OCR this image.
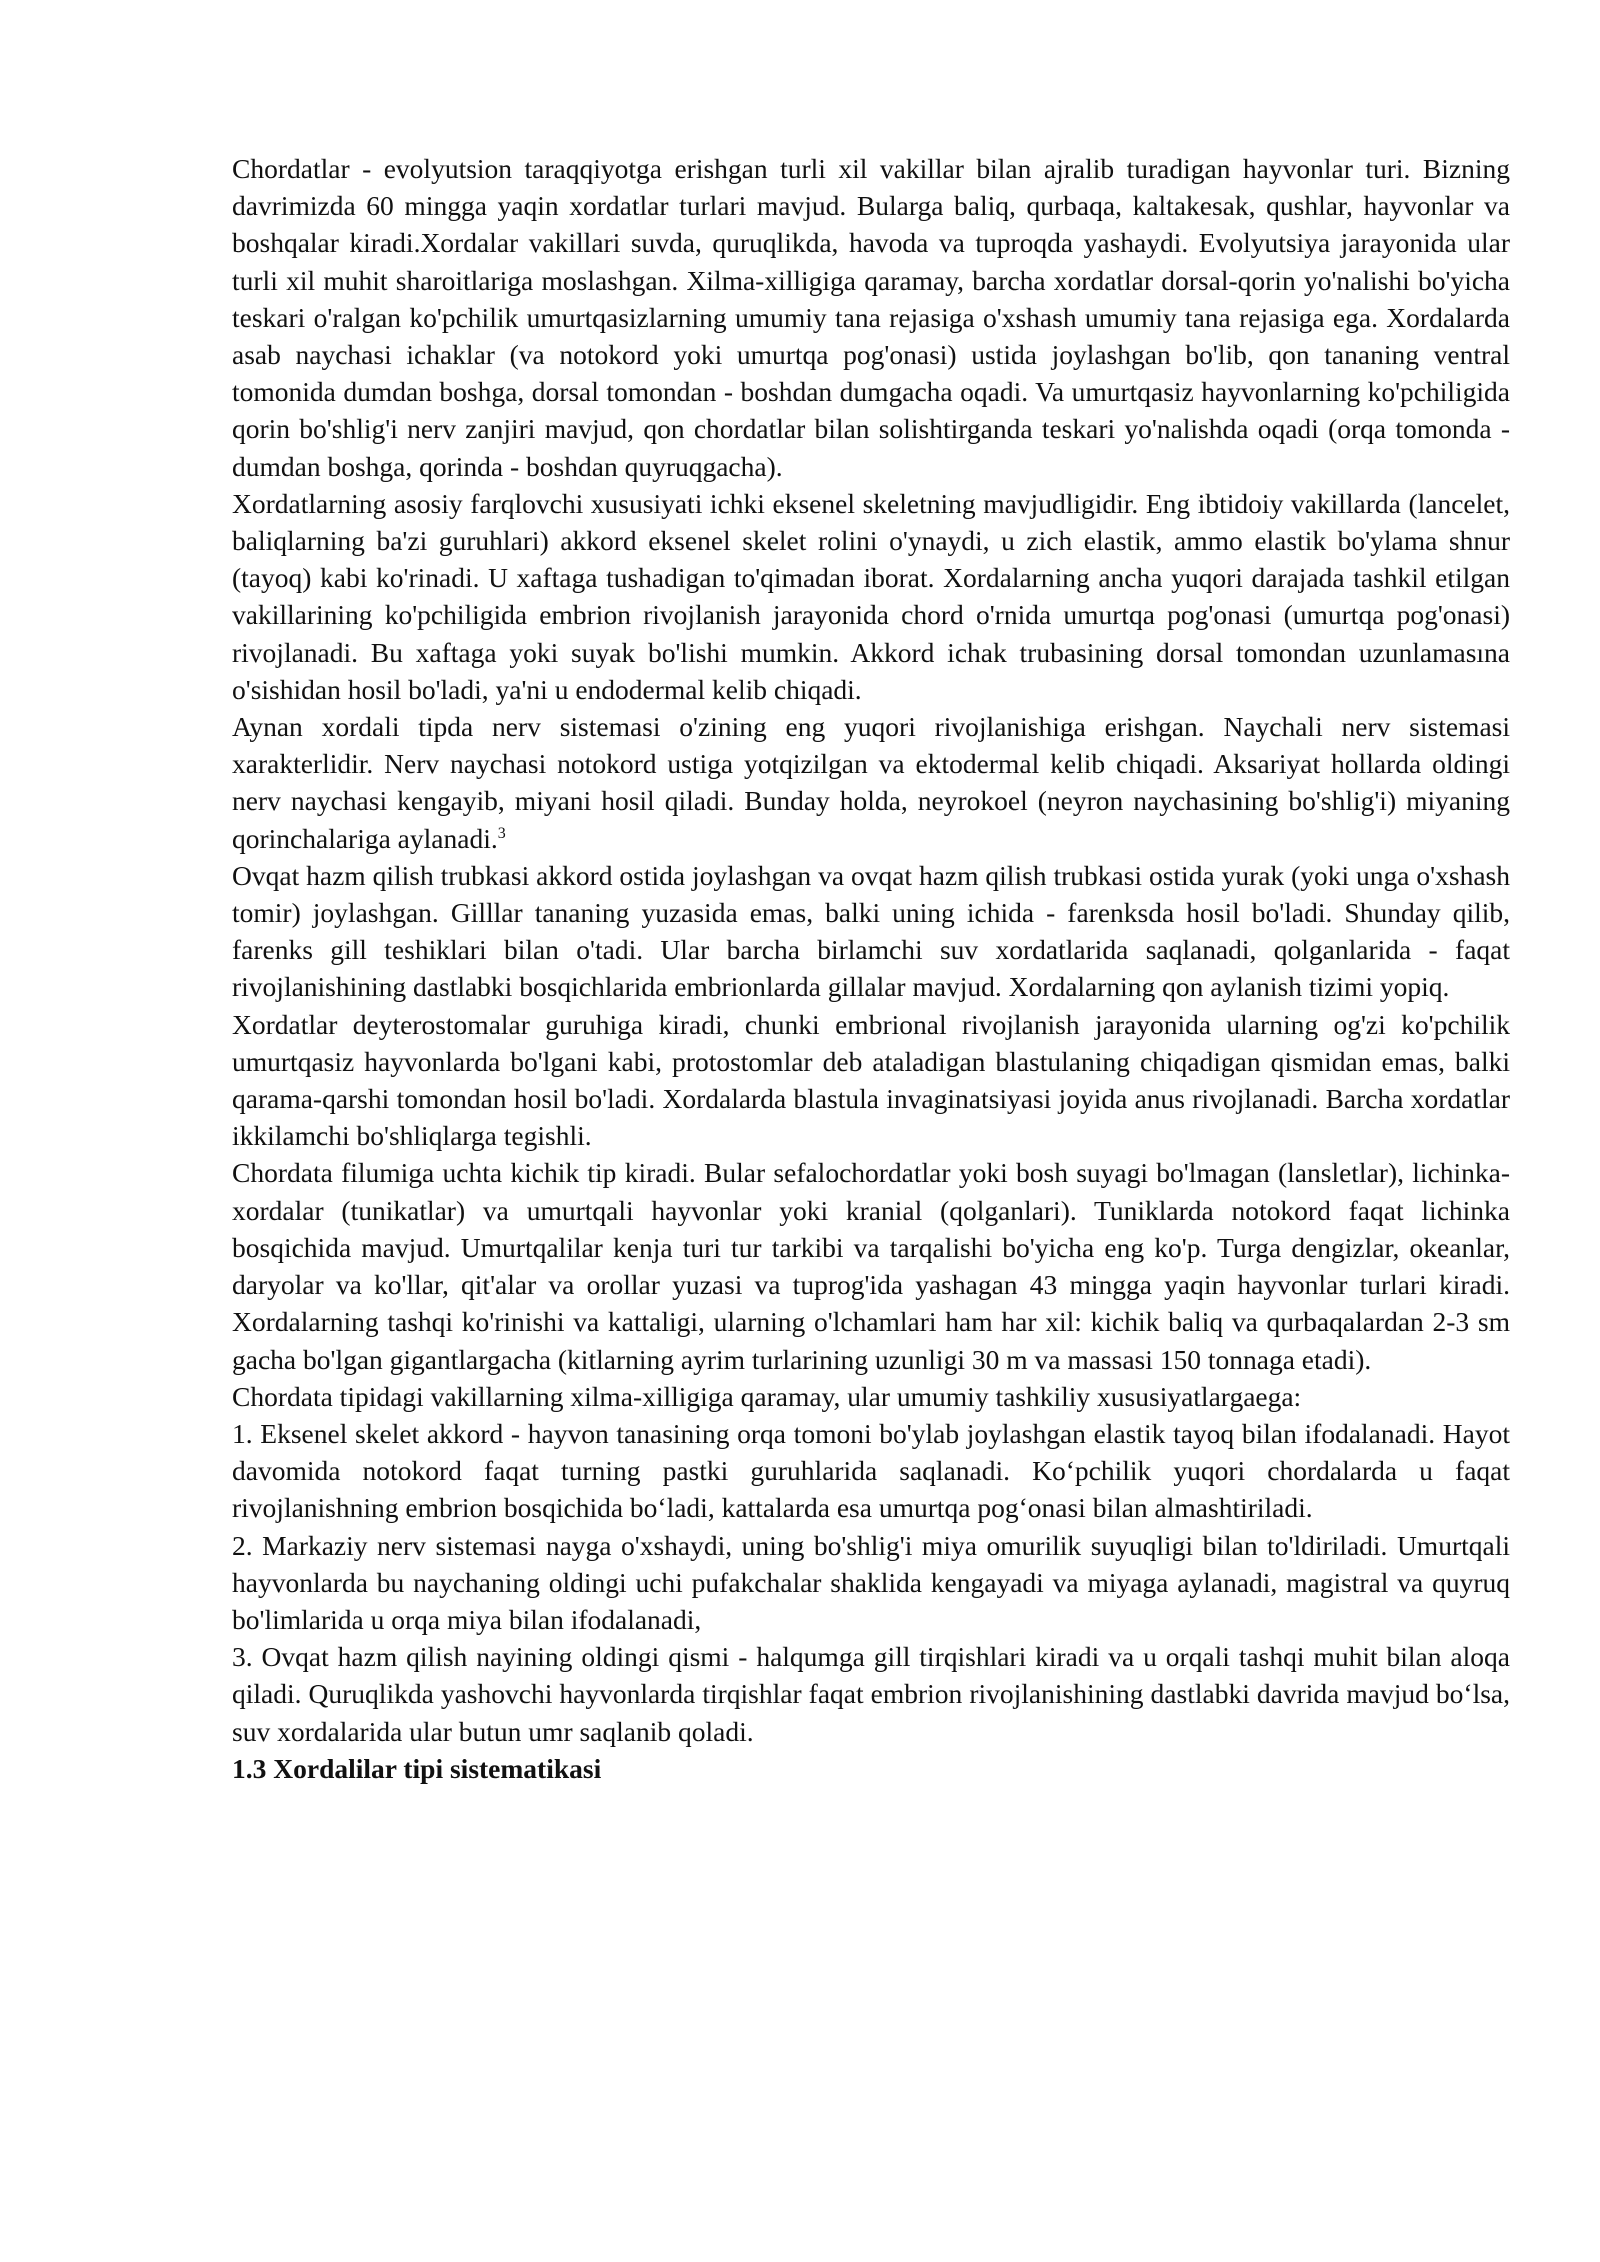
Chordatlar - evolyutsion taraqqiyotga erishgan turli xil vakillar bilan ajralib turadigan hayvonlar turi. Bizning davrimizda 60 mingga yaqin xordatlar turlari mavjud. Bularga baliq, qurbaqa, kaltakesak, qushlar, hayvonlar va boshqalar kiradi.Xordalar vakillari suvda, quruqlikda, havoda va tuproqda yashaydi. Evolyutsiya jarayonida ular turli xil muhit sharoitlariga moslashgan. Xilma-xilligiga qaramay, barcha xordatlar dorsal-qorin yo'nalishi bo'yicha teskari o'ralgan ko'pchilik umurtqasizlarning umumiy tana rejasiga o'xshash umumiy tana rejasiga ega. Xordalarda asab naychasi ichaklar (va notokord yoki umurtqa pog'onasi) ustida joylashgan bo'lib, qon tananing ventral tomonida dumdan boshga, dorsal tomondan - boshdan dumgacha oqadi. Va umurtqasiz hayvonlarning ko'pchiligida qorin bo'shlig'i nerv zanjiri mavjud, qon chordatlar bilan solishtirganda teskari yo'nalishda oqadi (orqa tomonda - dumdan boshga, qorinda - boshdan quyruqgacha).

Xordatlarning asosiy farqlovchi xususiyati ichki eksenel skeletning mavjudligidir. Eng ibtidoiy vakillarda (lancelet, baliqlarning ba'zi guruhlari) akkord eksenel skelet rolini o'ynaydi, u zich elastik, ammo elastik bo'ylama shnur (tayoq) kabi ko'rinadi. U xaftaga tushadigan to'qimadan iborat. Xordalarning ancha yuqori darajada tashkil etilgan vakillarining ko'pchiligida embrion rivojlanish jarayonida chord o'rnida umurtqa pog'onasi (umurtqa pog'onasi) rivojlanadi. Bu xaftaga yoki suyak bo'lishi mumkin. Akkord ichak trubasining dorsal tomondan uzunlamasına o'sishidan hosil bo'ladi, ya'ni u endodermal kelib chiqadi.

Aynan xordali tipda nerv sistemasi o'zining eng yuqori rivojlanishiga erishgan. Naychali nerv sistemasi xarakterlidir. Nerv naychasi notokord ustiga yotqizilgan va ektodermal kelib chiqadi. Aksariyat hollarda oldingi nerv naychasi kengayib, miyani hosil qiladi. Bunday holda, neyrokoel (neyron naychasining bo'shlig'i) miyaning qorinchalariga aylanadi.$^3$

Ovqat hazm qilish trubkasi akkord ostida joylashgan va ovqat hazm qilish trubkasi ostida yurak (yoki unga o'xshash tomir) joylashgan. Gilllar tananing yuzasida emas, balki uning ichida - farenksda hosil bo'ladi. Shunday qilib, farenks gill teshiklari bilan o'tadi. Ular barcha birlamchi suv xordatlarida saqlanadi, qolganlarida - faqat rivojlanishining dastlabki bosqichlarida embrionlarda gillalar mavjud. Xordalarning qon aylanish tizimi yopiq.

Xordatlar deyterostomalar guruhiga kiradi, chunki embrional rivojlanish jarayonida ularning og'zi ko'pchilik umurtqasiz hayvonlarda bo'lgani kabi, protostomlar deb ataladigan blastulaning chiqadigan qismidan emas, balki qarama-qarshi tomondan hosil bo'ladi. Xordalarda blastula invaginatsiyasi joyida anus rivojlanadi. Barcha xordatlar ikkilamchi bo'shliqlarga tegishli.

Chordata filumiga uchta kichik tip kiradi. Bular sefalochordatlar yoki bosh suyagi bo'lmagan (lansletlar), lichinka-xordalar (tunikatlar) va umurtqali hayvonlar yoki kranial (qolganlari). Tuniklarda notokord faqat lichinka bosqichida mavjud. Umurtqalilar kenja turi tur tarkibi va tarqalishi bo'yicha eng ko'p. Turga dengizlar, okeanlar, daryolar va ko'llar, qit'alar va orollar yuzasi va tuprog'ida yashagan 43 mingga yaqin hayvonlar turlari kiradi. Xordalarning tashqi ko'rinishi va kattaligi, ularning o'lchamlari ham har xil: kichik baliq va qurbaqalardan 2-3 sm gacha bo'lgan gigantlargacha (kitlarning ayrim turlarining uzunligi 30 m va massasi 150 tonnaga etadi).

Chordata tipidagi vakillarning xilma-xilligiga qaramay, ular umumiy tashkiliy xususiyatlargaega:

1. Eksenel skelet akkord - hayvon tanasining orqa tomoni bo'ylab joylashgan elastik tayoq bilan ifodalanadi. Hayot davomida notokord faqat turning pastki guruhlarida saqlanadi. Ko‘pchilik yuqori chordalarda u faqat rivojlanishning embrion bosqichida bo‘ladi, kattalarda esa umurtqa pog‘onasi bilan almashtiriladi.

2. Markaziy nerv sistemasi nayga o'xshaydi, uning bo'shlig'i miya omurilik suyuqligi bilan to'ldiriladi. Umurtqali hayvonlarda bu naychaning oldingi uchi pufakchalar shaklida kengayadi va miyaga aylanadi, magistral va quyruq bo'limlarida u orqa miya bilan ifodalanadi,

3. Ovqat hazm qilish nayining oldingi qismi - halqumga gill tirqishlari kiradi va u orqali tashqi muhit bilan aloqa qiladi. Quruqlikda yashovchi hayvonlarda tirqishlar faqat embrion rivojlanishining dastlabki davrida mavjud bo‘lsa, suv xordalarida ular butun umr saqlanib qoladi.

1.3 Xordalilar tipi sistematikasi
